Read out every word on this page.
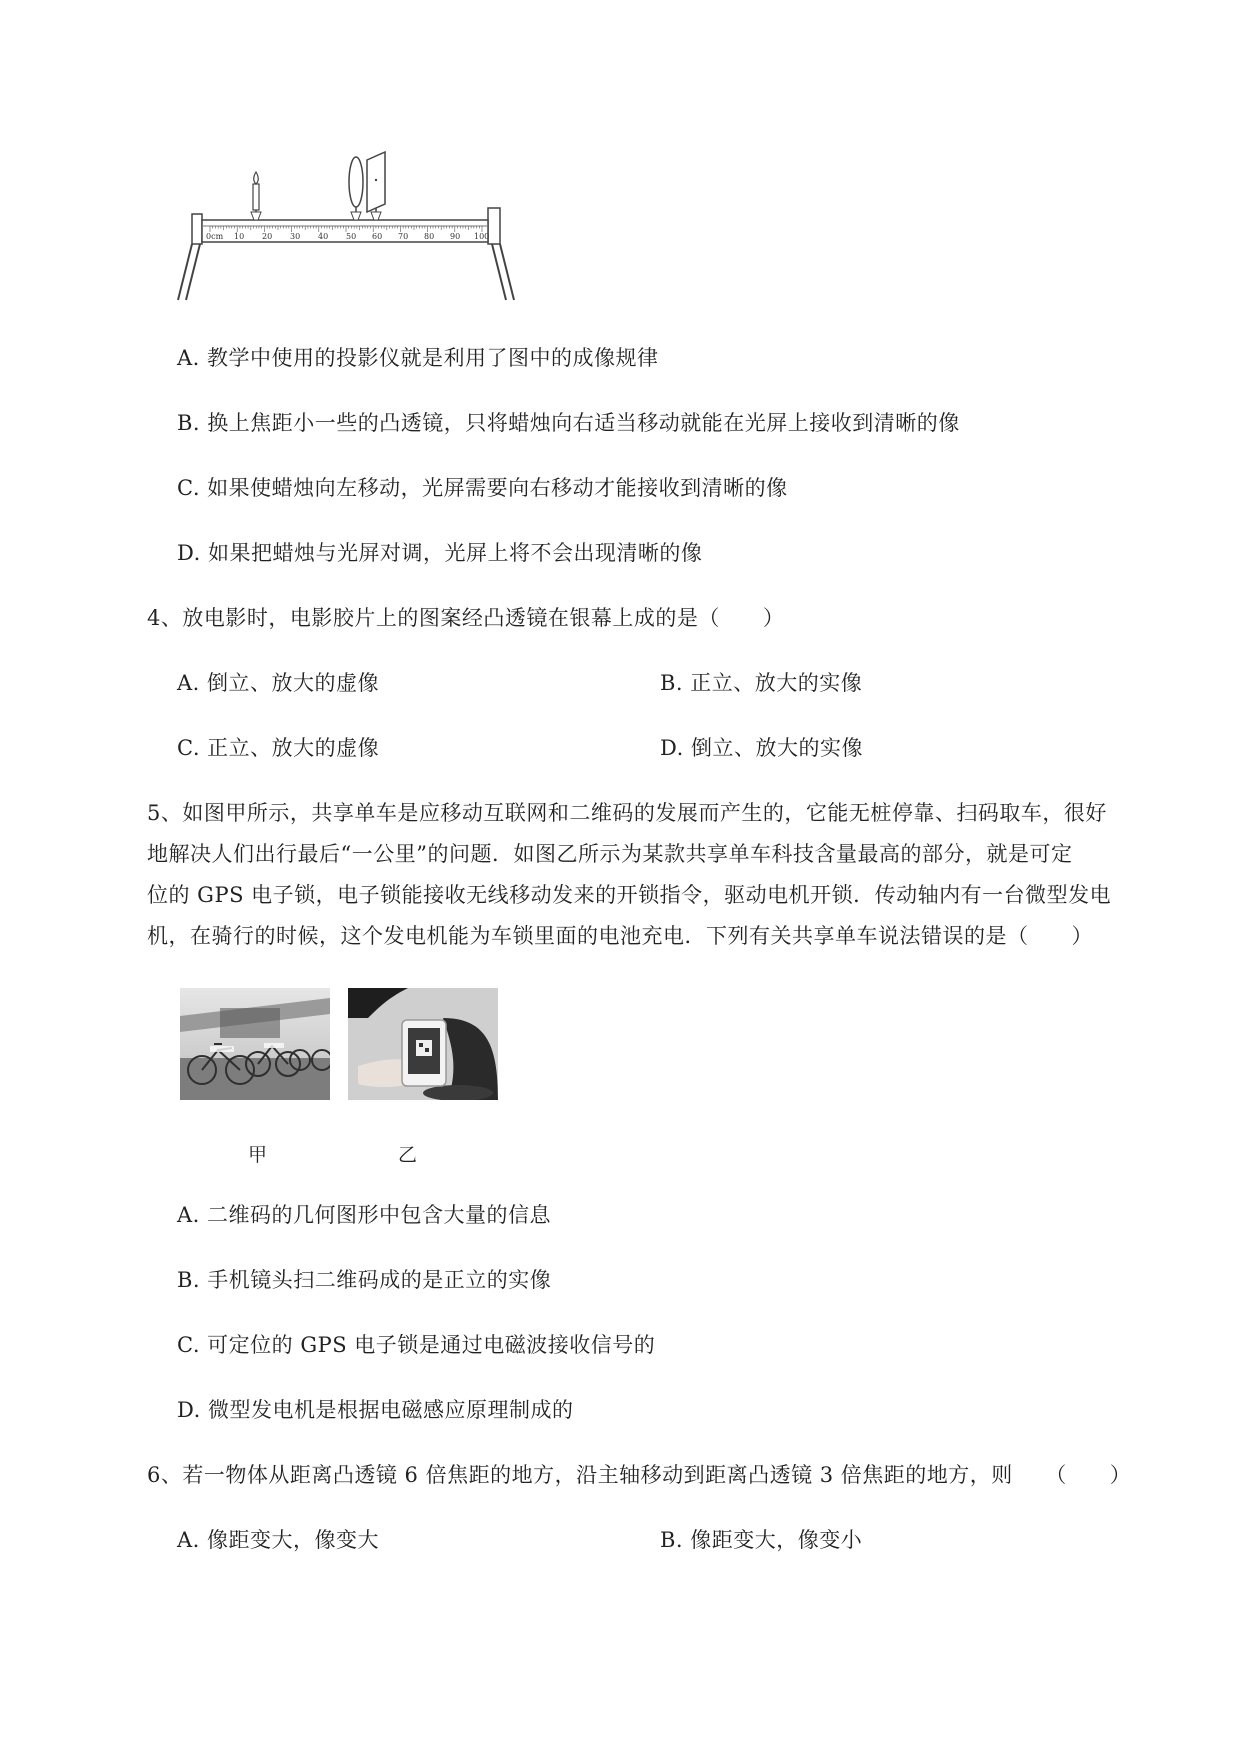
0cm 10 20 30 40 50 60 70 80 90 100
A. 教学中使用的投影仪就是利用了图中的成像规律
B. 换上焦距小一些的凸透镜，只将蜡烛向右适当移动就能在光屏上接收到清晰的像
C. 如果使蜡烛向左移动，光屏需要向右移动才能接收到清晰的像
D. 如果把蜡烛与光屏对调，光屏上将不会出现清晰的像
4、放电影时，电影胶片上的图案经凸透镜在银幕上成的是（　　）
A. 倒立、放大的虚像	B. 正立、放大的实像
C. 正立、放大的虚像	D. 倒立、放大的实像
5、如图甲所示，共享单车是应移动互联网和二维码的发展而产生的，它能无桩停靠、扫码取车，很好
地解决人们出行最后“一公里”的问题．如图乙所示为某款共享单车科技含量最高的部分，就是可定
位的 GPS 电子锁，电子锁能接收无线移动发来的开锁指令，驱动电机开锁．传动轴内有一台微型发电
机，在骑行的时候，这个发电机能为车锁里面的电池充电．下列有关共享单车说法错误的是（　　）
甲	乙
A. 二维码的几何图形中包含大量的信息
B. 手机镜头扫二维码成的是正立的实像
C. 可定位的 GPS 电子锁是通过电磁波接收信号的
D. 微型发电机是根据电磁感应原理制成的
6、若一物体从距离凸透镜 6 倍焦距的地方，沿主轴移动到距离凸透镜 3 倍焦距的地方，则　　（　　）
A. 像距变大，像变大	B. 像距变大，像变小
